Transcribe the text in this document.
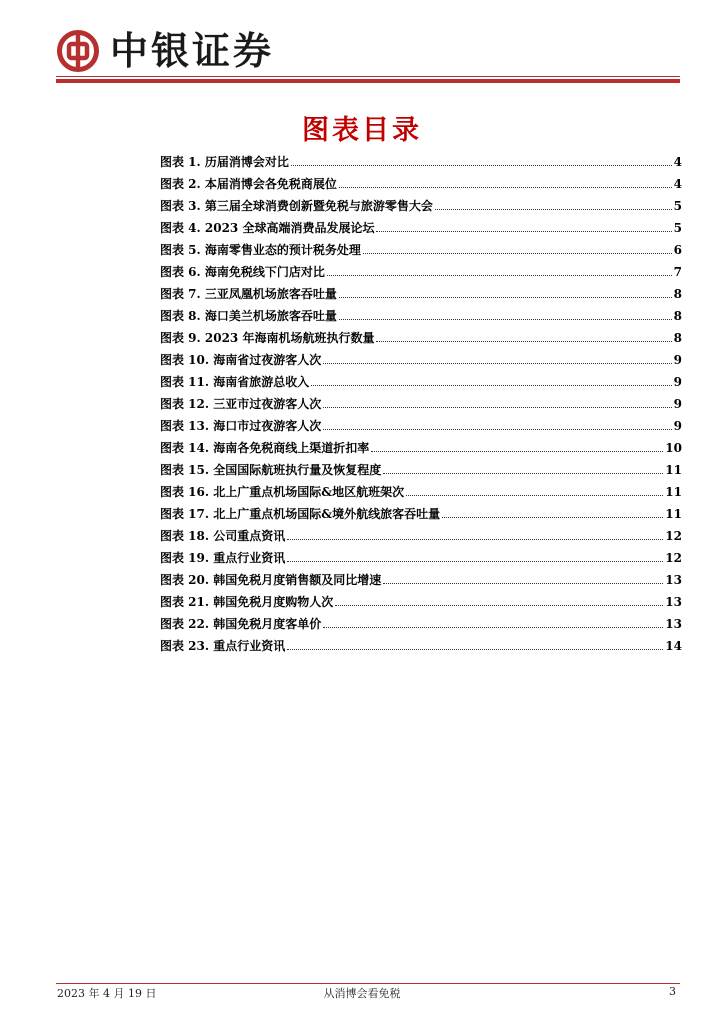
中银证券
图表目录
图表 1. 历届消博会对比	4
图表 2. 本届消博会各免税商展位	4
图表 3. 第三届全球消费创新暨免税与旅游零售大会	5
图表 4. 2023 全球高端消费品发展论坛	5
图表 5. 海南零售业态的预计税务处理	6
图表 6. 海南免税线下门店对比	7
图表 7. 三亚凤凰机场旅客吞吐量	8
图表 8. 海口美兰机场旅客吞吐量	8
图表 9. 2023 年海南机场航班执行数量	8
图表 10. 海南省过夜游客人次	9
图表 11. 海南省旅游总收入	9
图表 12. 三亚市过夜游客人次	9
图表 13. 海口市过夜游客人次	9
图表 14. 海南各免税商线上渠道折扣率	10
图表 15. 全国国际航班执行量及恢复程度	11
图表 16. 北上广重点机场国际&地区航班架次	11
图表 17. 北上广重点机场国际&境外航线旅客吞吐量	11
图表 18. 公司重点资讯	12
图表 19. 重点行业资讯	12
图表 20. 韩国免税月度销售额及同比增速	13
图表 21. 韩国免税月度购物人次	13
图表 22. 韩国免税月度客单价	13
图表 23. 重点行业资讯	14
2023 年 4 月 19 日	从消博会看免税	3
